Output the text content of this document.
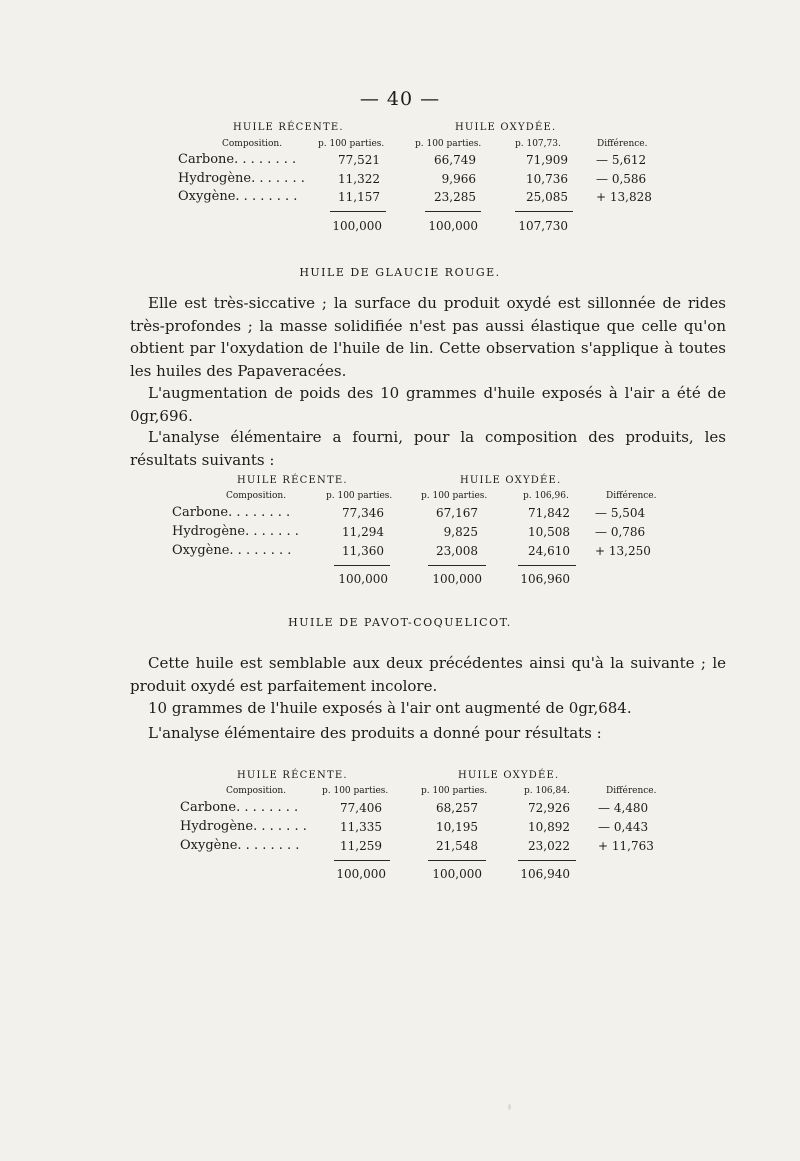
— 40 —
HUILE RÉCENTE.	HUILE OXYDÉE.
Composition.	p. 100 parties.	p. 100 parties.	p. 107,73.	Différence.
Carbone. . . . . . . .	77,521	66,749	71,909 — 5,612
Hydrogène. . . . . . .	11,322	9,966	10,736 — 0,586
Oxygène. . . . . . . .	11,157	23,285	25,085 + 13,828
100,000	100,000	107,730
HUILE DE GLAUCIE ROUGE.

Elle est très-siccative ; la surface du produit oxydé est sillonnée de rides très-profondes ; la masse solidifiée n'est pas aussi élastique que celle qu'on obtient par l'oxydation de l'huile de lin. Cette observation s'applique à toutes les huiles des Papaveracées.

L'augmentation de poids des 10 grammes d'huile exposés à l'air a été de 0gr,696.

L'analyse élémentaire a fourni, pour la composition des produits, les résultats suivants :

HUILE RÉCENTE.	HUILE OXYDÉE.
Composition.	p. 100 parties.	p. 100 parties.	p. 106,96.	Différence.
Carbone. . . . . . . .	77,346	67,167	71,842 — 5,504
Hydrogène. . . . . . .	11,294	9,825	10,508 — 0,786
Oxygène. . . . . . . .	11,360	23,008	24,610 + 13,250
100,000	100,000	106,960
HUILE DE PAVOT-COQUELICOT.

Cette huile est semblable aux deux précédentes ainsi qu'à la suivante ; le produit oxydé est parfaitement incolore.

10 grammes de l'huile exposés à l'air ont augmenté de 0gr,684.

L'analyse élémentaire des produits a donné pour résultats :

HUILE RÉCENTE.	HUILE OXYDÉE.
Composition.	p. 100 parties.	p. 100 parties.	p. 106,84.	Différence.
Carbone. . . . . . . .	77,406	68,257	72,926 — 4,480
Hydrogène. . . . . . .	11,335	10,195	10,892 — 0,443
Oxygène. . . . . . . .	11,259	21,548	23,022 + 11,763
100,000	100,000	106,940
